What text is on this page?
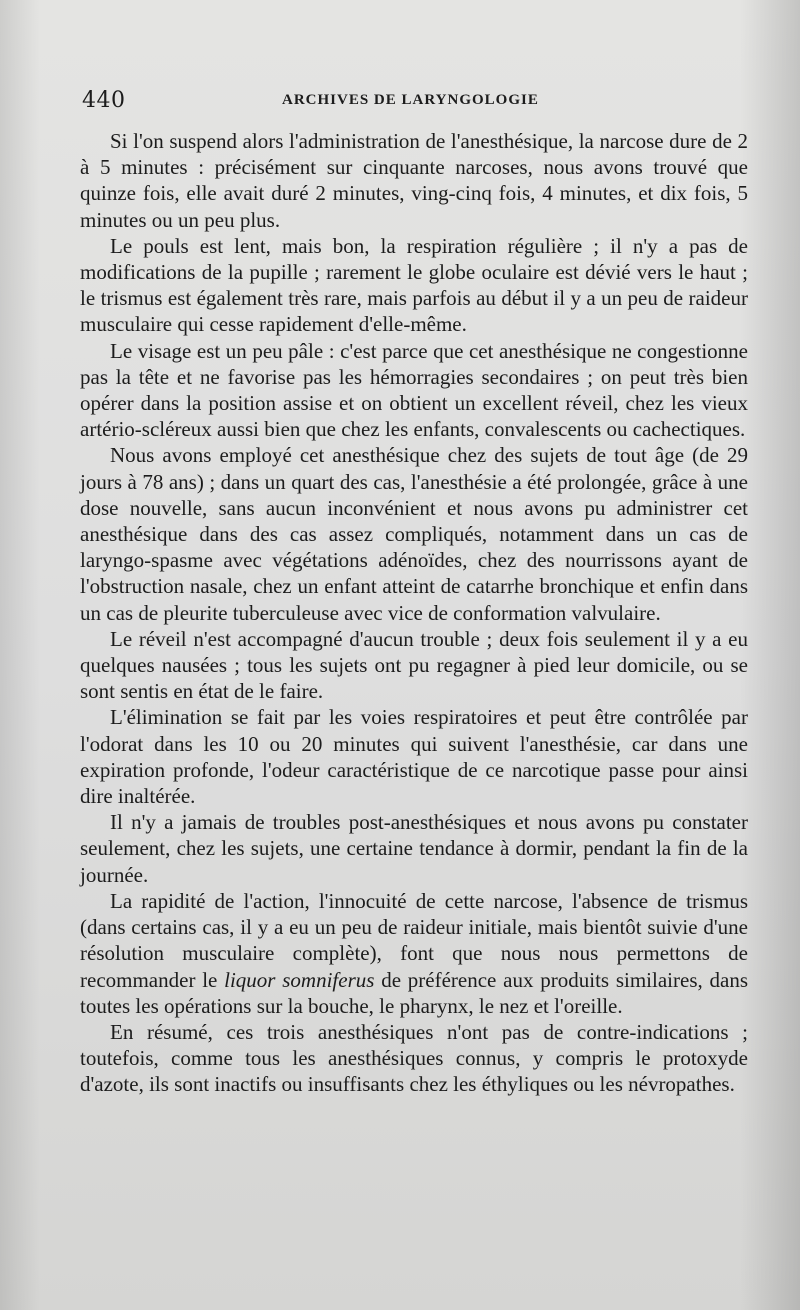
440	ARCHIVES DE LARYNGOLOGIE

Si l'on suspend alors l'administration de l'anesthésique, la narcose dure de 2 à 5 minutes : précisément sur cinquante narcoses, nous avons trouvé que quinze fois, elle avait duré 2 minutes, ving-cinq fois, 4 minutes, et dix fois, 5 minutes ou un peu plus.

Le pouls est lent, mais bon, la respiration régulière ; il n'y a pas de modifications de la pupille ; rarement le globe oculaire est dévié vers le haut ; le trismus est également très rare, mais parfois au début il y a un peu de raideur musculaire qui cesse rapidement d'elle-même.

Le visage est un peu pâle : c'est parce que cet anesthésique ne congestionne pas la tête et ne favorise pas les hémorragies secondaires ; on peut très bien opérer dans la position assise et on obtient un excellent réveil, chez les vieux artério-scléreux aussi bien que chez les enfants, convalescents ou cachectiques.

Nous avons employé cet anesthésique chez des sujets de tout âge (de 29 jours à 78 ans) ; dans un quart des cas, l'anesthésie a été prolongée, grâce à une dose nouvelle, sans aucun inconvénient et nous avons pu administrer cet anesthésique dans des cas assez compliqués, notamment dans un cas de laryngo-spasme avec végétations adénoïdes, chez des nourrissons ayant de l'obstruction nasale, chez un enfant atteint de catarrhe bronchique et enfin dans un cas de pleurite tuberculeuse avec vice de conformation valvulaire.

Le réveil n'est accompagné d'aucun trouble ; deux fois seulement il y a eu quelques nausées ; tous les sujets ont pu regagner à pied leur domicile, ou se sont sentis en état de le faire.

L'élimination se fait par les voies respiratoires et peut être contrôlée par l'odorat dans les 10 ou 20 minutes qui suivent l'anesthésie, car dans une expiration profonde, l'odeur caractéristique de ce narcotique passe pour ainsi dire inaltérée.

Il n'y a jamais de troubles post-anesthésiques et nous avons pu constater seulement, chez les sujets, une certaine tendance à dormir, pendant la fin de la journée.

La rapidité de l'action, l'innocuité de cette narcose, l'absence de trismus (dans certains cas, il y a eu un peu de raideur initiale, mais bientôt suivie d'une résolution musculaire complète), font que nous nous permettons de recommander le liquor somniferus de préférence aux produits similaires, dans toutes les opérations sur la bouche, le pharynx, le nez et l'oreille.

En résumé, ces trois anesthésiques n'ont pas de contre-indications ; toutefois, comme tous les anesthésiques connus, y compris le protoxyde d'azote, ils sont inactifs ou insuffisants chez les éthyliques ou les névropathes.
